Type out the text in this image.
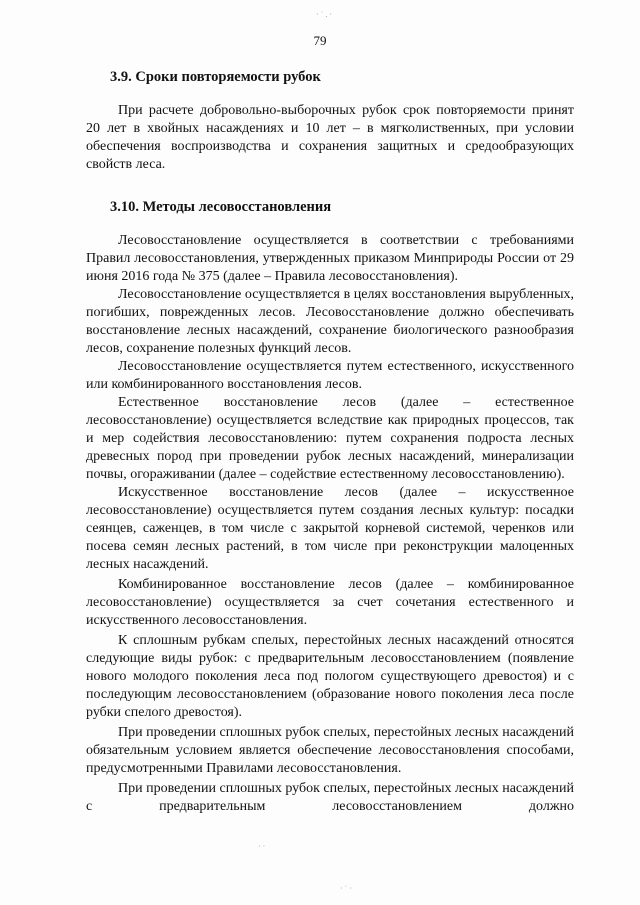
· ˙ . ·
79
3.9. Сроки повторяемости рубок

При расчете добровольно-выборочных рубок срок повторяемости принят 20 лет в хвойных насаждениях и 10 лет – в мягколиственных, при условии обеспечения воспроизводства и сохранения защитных и средообразующих свойств леса.

3.10. Методы лесовосстановления

Лесовосстановление осуществляется в соответствии с требованиями Правил лесовосстановления, утвержденных приказом Минприроды России от 29 июня 2016 года № 375 (далее – Правила лесовосстановления).

Лесовосстановление осуществляется в целях восстановления вырубленных, погибших, поврежденных лесов. Лесовосстановление должно обеспечивать восстановление лесных насаждений, сохранение биологического разнообразия лесов, сохранение полезных функций лесов.

Лесовосстановление осуществляется путем естественного, искусственного или комбинированного восстановления лесов.

Естественное восстановление лесов (далее – естественное лесовосстановление) осуществляется вследствие как природных процессов, так и мер содействия лесовосстановлению: путем сохранения подроста лесных древесных пород при проведении рубок лесных насаждений, минерализации почвы, огораживании (далее – содействие естественному лесовосстановлению).

Искусственное восстановление лесов (далее – искусственное лесовосстановление) осуществляется путем создания лесных культур: посадки сеянцев, саженцев, в том числе с закрытой корневой системой, черенков или посева семян лесных растений, в том числе при реконструкции малоценных лесных насаждений.

Комбинированное восстановление лесов (далее – комбинированное лесовосстановление) осуществляется за счет сочетания естественного и искусственного лесовосстановления.

К сплошным рубкам спелых, перестойных лесных насаждений относятся следующие виды рубок: с предварительным лесовосстановлением (появление нового молодого поколения леса под пологом существующего древостоя) и с последующим лесовосстановлением (образование нового поколения леса после рубки спелого древостоя).

При проведении сплошных рубок спелых, перестойных лесных насаждений обязательным условием является обеспечение лесовосстановления способами, предусмотренными Правилами лесовосстановления.

При проведении сплошных рубок спелых, перестойных лесных насаждений с предварительным лесовосстановлением должно

· ·
· ˙ ·
